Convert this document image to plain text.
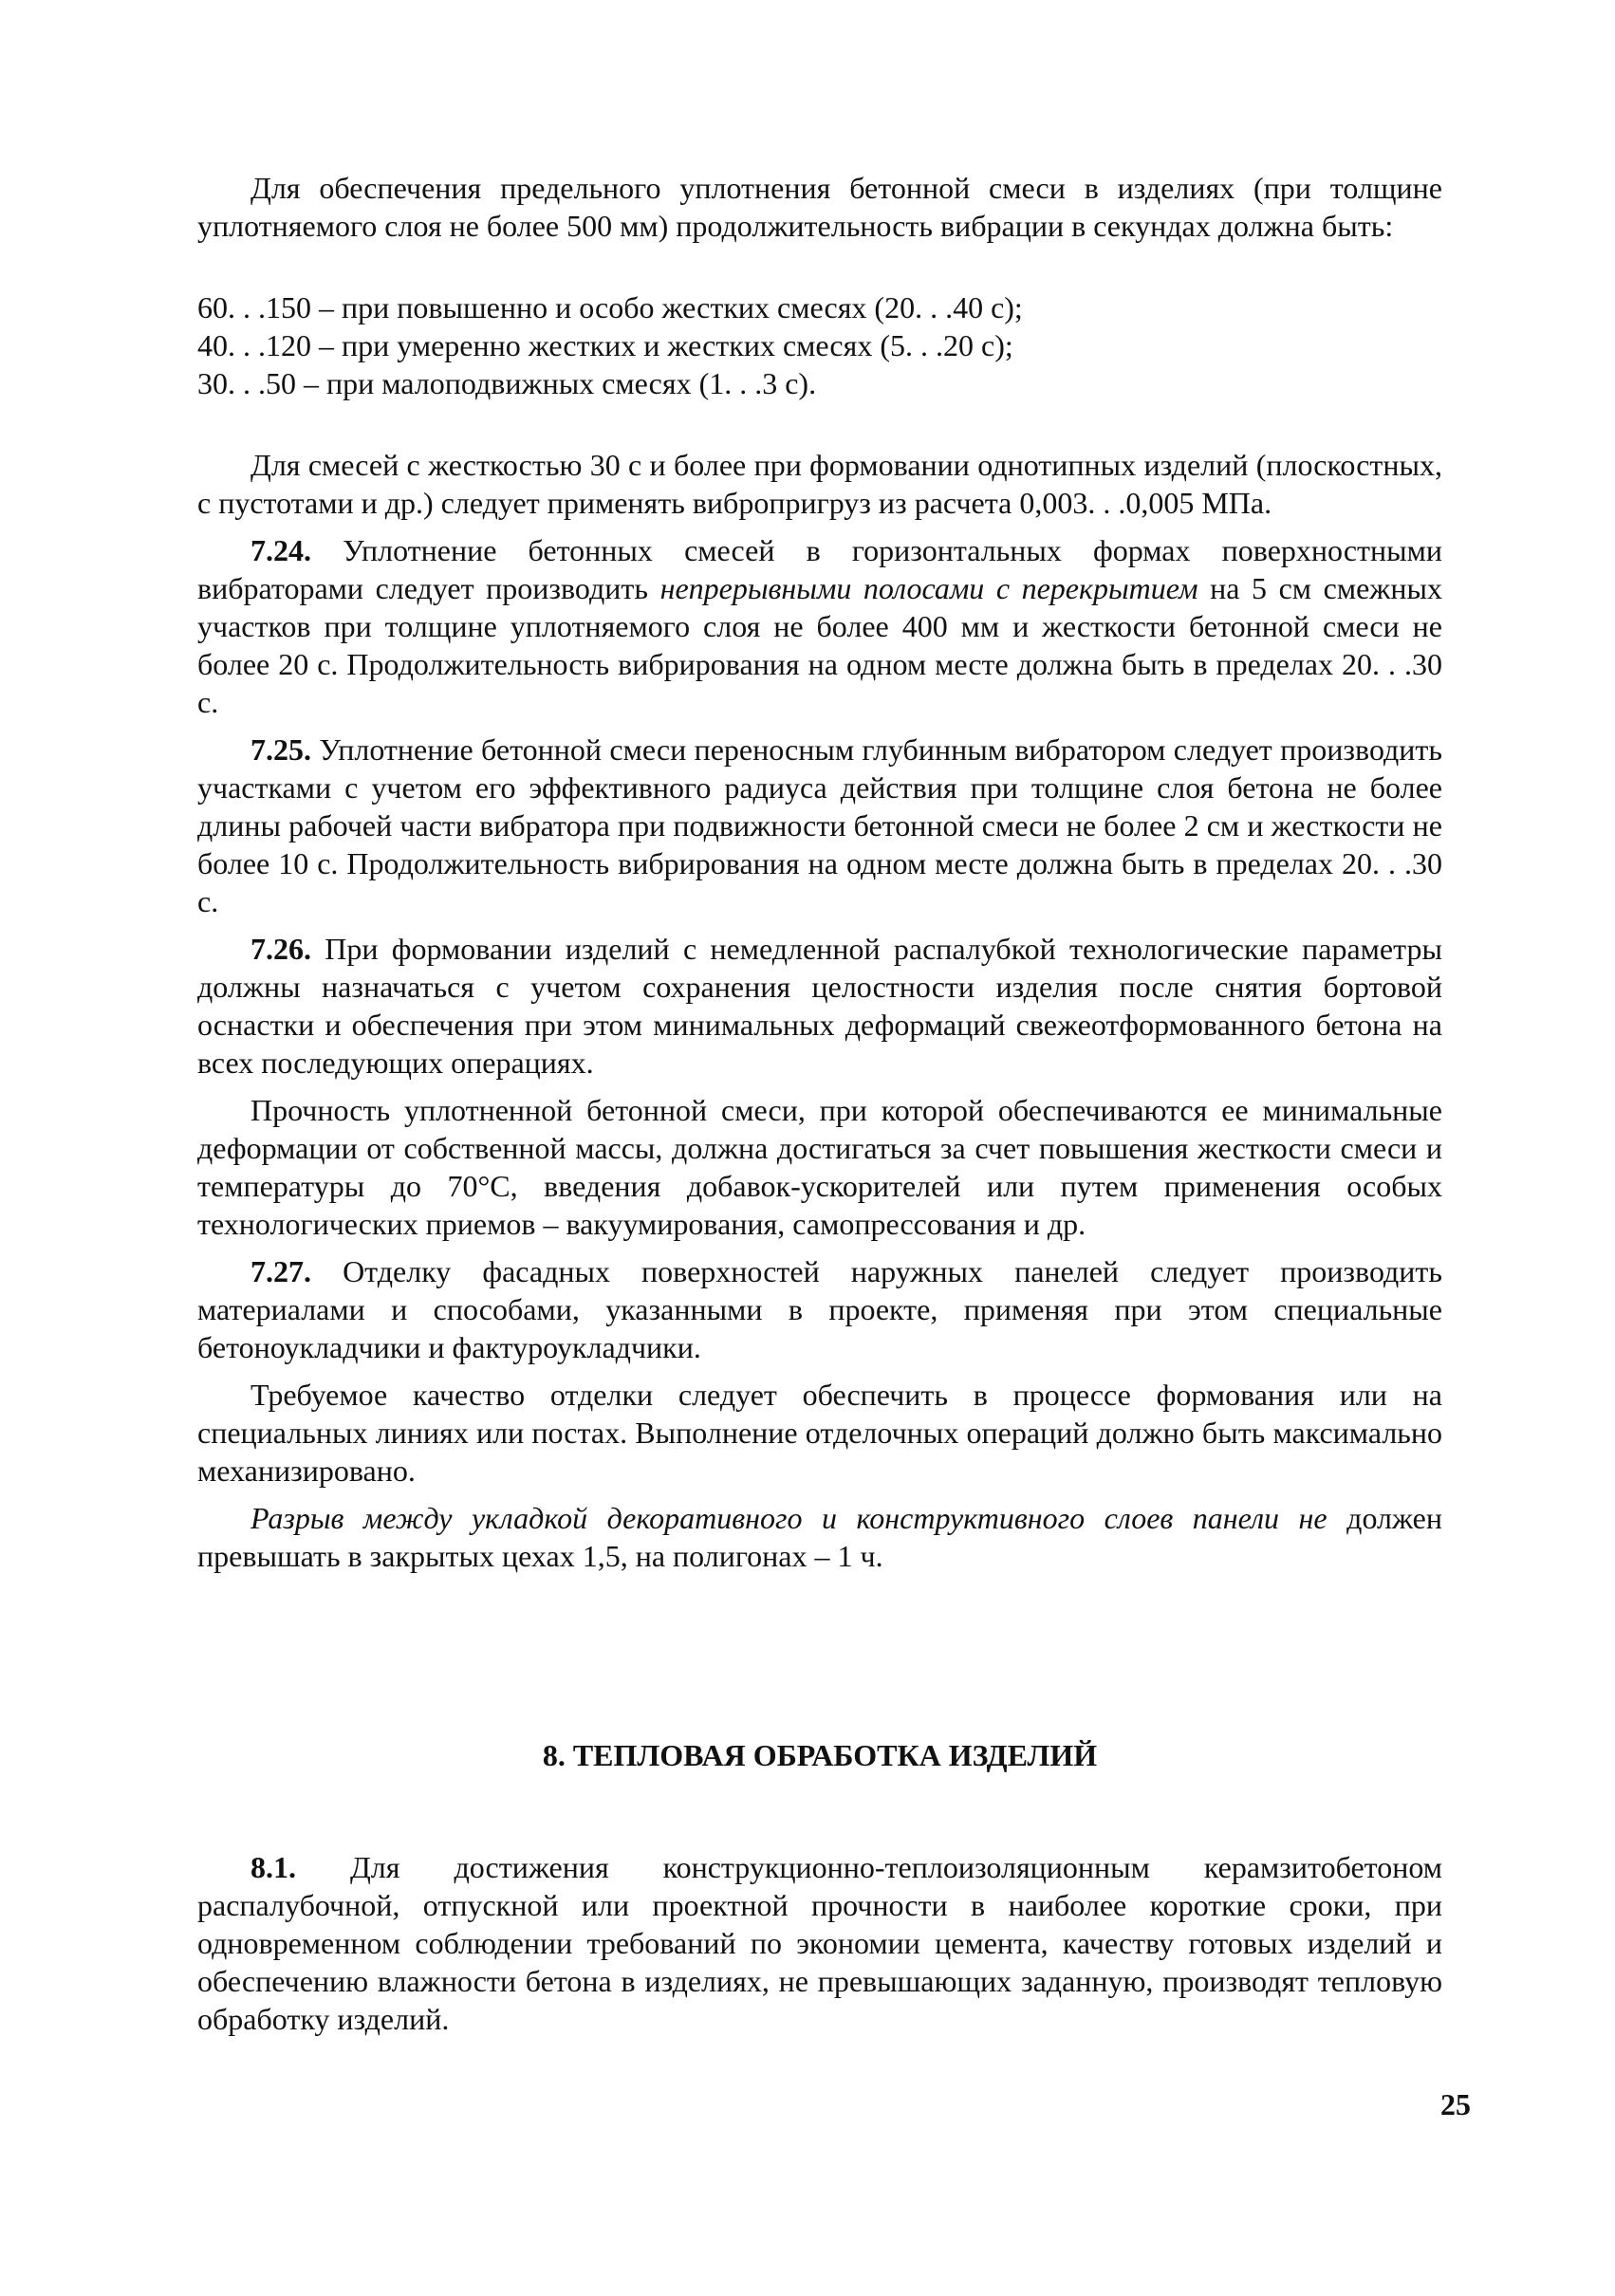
Для обеспечения предельного уплотнения бетонной смеси в изделиях (при толщине уплотняемого слоя не более 500 мм) продолжительность вибрации в секундах должна быть:

60. . .150 – при повышенно и особо жестких смесях (20. . .40 с);
40. . .120 – при умеренно жестких и жестких смесях (5. . .20 с);
30. . .50 – при малоподвижных смесях (1. . .3 с).

Для смесей с жесткостью 30 с и более при формовании однотипных изделий (плоскостных, с пустотами и др.) следует применять вибропригруз из расчета 0,003. . .0,005 МПа.

7.24. Уплотнение бетонных смесей в горизонтальных формах поверхностными вибраторами следует производить непрерывными полосами с перекрытием на 5 см смежных участков при толщине уплотняемого слоя не более 400 мм и жесткости бетонной смеси не более 20 с. Продолжительность вибрирования на одном месте должна быть в пределах 20. . .30 с.

7.25. Уплотнение бетонной смеси переносным глубинным вибратором следует производить участками с учетом его эффективного радиуса действия при толщине слоя бетона не более длины рабочей части вибратора при подвижности бетонной смеси не более 2 см и жесткости не более 10 с. Продолжительность вибрирования на одном месте должна быть в пределах 20. . .30 с.

7.26. При формовании изделий с немедленной распалубкой технологические параметры должны назначаться с учетом сохранения целостности изделия после снятия бортовой оснастки и обеспечения при этом минимальных деформаций свежеотформованного бетона на всех последующих операциях.

Прочность уплотненной бетонной смеси, при которой обеспечиваются ее минимальные деформации от собственной массы, должна достигаться за счет повышения жесткости смеси и температуры до 70°С, введения добавок-ускорителей или путем применения особых технологических приемов – вакуумирования, самопрессования и др.

7.27. Отделку фасадных поверхностей наружных панелей следует производить материалами и способами, указанными в проекте, применяя при этом специальные бетоноукладчики и фактуроукладчики.

Требуемое качество отделки следует обеспечить в процессе формования или на специальных линиях или постах. Выполнение отделочных операций должно быть максимально механизировано.

Разрыв между укладкой декоративного и конструктивного слоев панели не должен превышать в закрытых цехах 1,5, на полигонах – 1 ч.

8. ТЕПЛОВАЯ ОБРАБОТКА ИЗДЕЛИЙ

8.1. Для достижения конструкционно-теплоизоляционным керамзитобетоном распалубочной, отпускной или проектной прочности в наиболее короткие сроки, при одновременном соблюдении требований по экономии цемента, качеству готовых изделий и обеспечению влажности бетона в изделиях, не превышающих заданную, производят тепловую обработку изделий.

25
